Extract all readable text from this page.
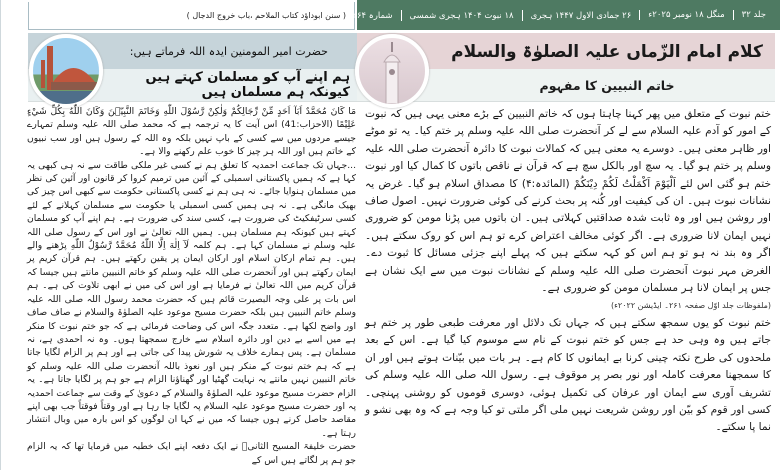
( سنن ابوداؤد کتاب الملاحم ،باب خروج الدجال )
حضرت امیر المومنین ایدہ اللہ فرماتے ہیں:
ہم اپنے آپ کو مسلمان کہتے ہیں کیونکہ ہم مسلمان ہیں

مَا كَانَ مُحَمَّدٌ اَبَآ اَحَدٍ مِّنْ رِّجَالِكُمْ وَلٰكِنْ رَّسُوْلَ اللّٰهِ وَخَاتَمَ النَّبِيّٖنَ وَكَانَ اللّٰهُ بِكُلِّ شَيْءٍ عَلِيْمًا (الاحزاب:41) اس آیت کا یہ ترجمہ ہے کہ محمد صلی اللہ علیہ وسلم تمہارے جیسے مردوں میں سے کسی کے باپ نہیں بلکہ وہ اللہ کے رسول ہیں اور سب نبیوں کے خاتم ہیں اور اللہ ہر چیز کا خوب علم رکھنے والا ہے۔

...جہاں تک جماعت احمدیہ کا تعلق ہم نے کسی غیر ملکی طاقت سے نہ ہی کبھی یہ کہا ہے کہ ہمیں پاکستانی اسمبلی کے آئین میں ترمیم کروا کر قانون اور آئین کی نظر میں مسلمان ہنوایا جائے۔ نہ ہی ہم نے کسی پاکستانی حکومت سے کبھی اس چیز کی بھیک مانگی ہے۔ نہ ہی ہمیں کسی اسمبلی یا حکومت سے مسلمان کہلانے کے لئے کسی سرٹیفکیٹ کی ضرورت ہے، کسی سند کی ضرورت ہے۔ ہم اپنے آپ کو مسلمان کہتے ہیں کیونکہ ہم مسلمان ہیں۔ ہمیں اللہ تعالیٰ نے اور اس کے رسول صلی اللہ علیہ وسلم نے مسلمان کہا ہے۔ ہم کلمہ لَآ اِلٰهَ اِلَّا اللّٰهُ مُحَمَّدٌ رَّسُوْلُ اللّٰهِ پڑھنے والے ہیں۔ ہم تمام ارکان اسلام اور ارکان ایمان پر یقین رکھتے ہیں۔ ہم قرآن کریم پر ایمان رکھتے ہیں اور آنحضرت صلی اللہ علیہ وسلم کو خاتم النبیین مانتے ہیں جیسا کہ قرآن کریم میں اللہ تعالیٰ نے فرمایا ہے اور اس کی میں نے ابھی تلاوت کی ہے۔ ہم اس بات پر علی وجہ البصیرت قائم ہیں کہ حضرت محمد رسول اللہ صلی اللہ علیہ وسلم خاتم النبیین ہیں بلکہ حضرت مسیح موعود علیہ الصلوٰۃ والسلام نے صاف صاف اور واضح لکھا ہے۔ متعدد جگہ اس کی وضاحت فرمائی ہے کہ جو ختم نبوت کا منکر ہے میں اسے بے دین اور دائرہ اسلام سے خارج سمجھتا ہوں۔ وہ نہ احمدی ہے، نہ مسلمان ہے۔ پس ہمارے خلاف یہ شورش پیدا کی جاتی ہے اور ہم پر الزام لگایا جاتا ہے کہ ہم ختم نبوت کے منکر ہیں اور نعوذ باللہ آنحضرت صلی اللہ علیہ وسلم کو خاتم النبیین نہیں مانتے یہ نہایت گھٹیا اور گھناؤنا الزام ہے جو ہم پر لگایا جاتا ہے۔ یہ الزام حضرت مسیح موعود علیہ الصلوٰۃ والسلام کے دعویٰ کے وقت سے جماعت احمدیہ پہ اور حضرت مسیح موعود علیہ السلام پہ لگایا جا رہا ہے اور وقتاً فوقتاً جب بھی اپنے مقاصد حاصل کرنے ہوں جیسا کہ میں نے کہا ان لوگوں کو اس بارہ میں وبال انتشار رہتا ہے۔

حضرت خلیفۃ المسیح الثانیؓ نے ایک دفعہ اپنے ایک خطبہ میں فرمایا تھا کہ یہ الزام جو ہم پر لگاتے ہیں اس کے

جلد ۳۲
منگل ۱۸ نومبر ۲۰۲۵ء
۲۶ جمادی الاول ۱۴۴۷ ہجری
۱۸ نبوت ۱۴۰۴ ہجری شمسی
شمارہ ۲۶۴
کلام امام الزّماں علیہ الصلوٰۃ والسلام
خاتم النبیین کا مفہوم

ختم نبوت کے متعلق میں پھر کہنا چاہتا ہوں کہ خاتم النبیین کے بڑے معنی یہی ہیں کہ نبوت کے امور کو آدم علیہ السلام سے لے کر آنحضرت صلی اللہ علیہ وسلم پر ختم کیا۔ یہ تو موٹے اور ظاہر معنی ہیں۔ دوسرے یہ معنی ہیں کہ کمالات نبوت کا دائرہ آنحضرت صلی اللہ علیہ وسلم پر ختم ہو گیا۔ یہ سچ اور بالکل سچ ہے کہ قرآن نے ناقص باتوں کا کمال کیا اور نبوت ختم ہو گئی اس لئے اَلْيَوْمَ اَكْمَلْتُ لَكُمْ دِيْنَكُمْ (المائدہ:۴) کا مصداق اسلام ہو گیا۔ غرض یہ نشانات نبوت ہیں۔ ان کی کیفیت اور کُنہ پر بحث کرنے کی کوئی ضرورت نہیں۔ اصول صاف اور روشن ہیں اور وہ ثابت شدہ صداقتیں کہلاتی ہیں۔ ان باتوں میں پڑنا مومن کو ضروری نہیں ایمان لانا ضروری ہے۔ اگر کوئی مخالف اعتراض کرے تو ہم اس کو روک سکتے ہیں۔ اگر وہ بند نہ ہو تو ہم اس کو کہہ سکتے ہیں کہ پہلے اپنے جزئی مسائل کا ثبوت دے۔ الغرض مہر نبوت آنحضرت صلی اللہ علیہ وسلم کے نشانات نبوت میں سے ایک نشان ہے جس پر ایمان لانا ہر مسلمان مومن کو ضروری ہے۔

(ملفوظات جلد اوّل صفحہ ۲۶۱۔ ایڈیشن ۲۰۲۲ء)

ختم نبوت کو یوں سمجھ سکتے ہیں کہ جہاں تک دلائل اور معرفت طبعی طور پر ختم ہو جاتے ہیں وہ وہی حد ہے جس کو ختم نبوت کے نام سے موسوم کیا گیا ہے۔ اس کے بعد ملحدوں کی طرح نکتہ چینی کرنا بے ایمانوں کا کام ہے۔ ہر بات میں بیّنات ہوتے ہیں اور ان کا سمجھنا معرفت کاملہ اور نور بصر پر موقوف ہے۔ رسول اللہ صلی اللہ علیہ وسلم کی تشریف آوری سے ایمان اور عرفان کی تکمیل ہوئی، دوسری قوموں کو روشنی پہنچی۔ کسی اور قوم کو بیّن اور روشن شریعت نہیں ملی اگر ملتی تو کیا وجہ ہے کہ وہ بھی نشو و نما پا سکتے۔
